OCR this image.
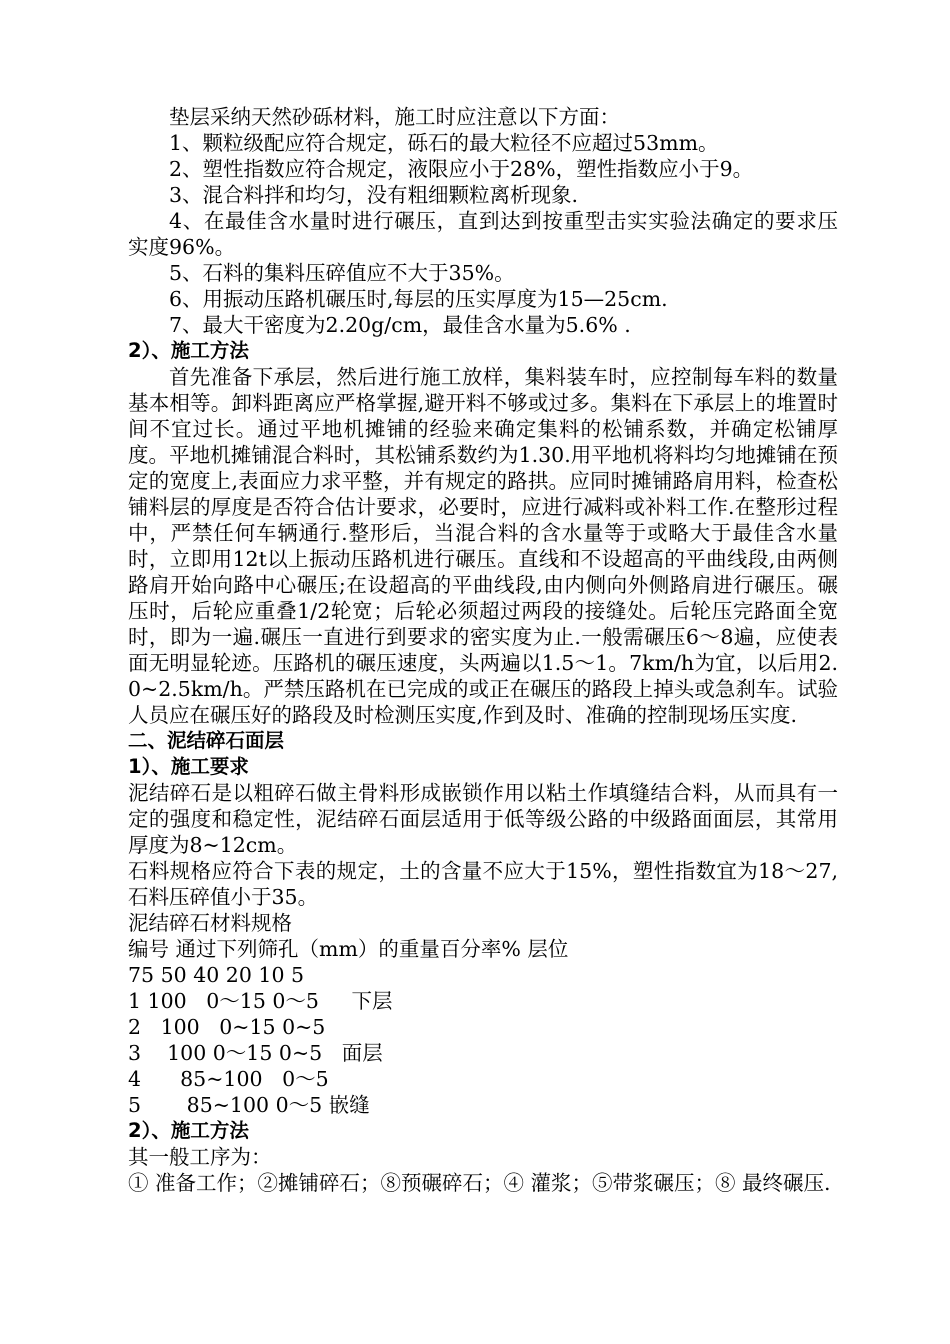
垫层采纳天然砂砾材料，施工时应注意以下方面：

1、颗粒级配应符合规定，砾石的最大粒径不应超过53mm。

2、塑性指数应符合规定，液限应小于28%，塑性指数应小于9。

3、混合料拌和均匀，没有粗细颗粒离析现象.

4、在最佳含水量时进行碾压，直到达到按重型击实实验法确定的要求压实度96%。

5、石料的集料压碎值应不大于35%。

6、用振动压路机碾压时,每层的压实厚度为15—25cm.

7、最大干密度为2.20g/cm，最佳含水量为5.6% .

2）、施工方法

首先准备下承层，然后进行施工放样，集料装车时，应控制每车料的数量基本相等。卸料距离应严格掌握,避开料不够或过多。集料在下承层上的堆置时间不宜过长。通过平地机摊铺的经验来确定集料的松铺系数，并确定松铺厚度。平地机摊铺混合料时，其松铺系数约为1.30.用平地机将料均匀地摊铺在预定的宽度上,表面应力求平整，并有规定的路拱。应同时摊铺路肩用料，检查松铺料层的厚度是否符合估计要求，必要时，应进行减料或补料工作.在整形过程中，严禁任何车辆通行.整形后，当混合料的含水量等于或略大于最佳含水量时，立即用12t以上振动压路机进行碾压。直线和不设超高的平曲线段,由两侧路肩开始向路中心碾压;在设超高的平曲线段,由内侧向外侧路肩进行碾压。碾压时，后轮应重叠1/2轮宽；后轮必须超过两段的接缝处。后轮压完路面全宽时，即为一遍.碾压一直进行到要求的密实度为止.一般需碾压6～8遍，应使表面无明显轮迹。压路机的碾压速度，头两遍以1.5～1。7km/h为宜，以后用2.0~2.5km/h。严禁压路机在已完成的或正在碾压的路段上掉头或急刹车。试验人员应在碾压好的路段及时检测压实度,作到及时、准确的控制现场压实度.

二、泥结碎石面层

1）、施工要求

泥结碎石是以粗碎石做主骨料形成嵌锁作用以粘土作填缝结合料，从而具有一定的强度和稳定性，泥结碎石面层适用于低等级公路的中级路面面层，其常用厚度为8~12cm。

石料规格应符合下表的规定，土的含量不应大于15%，塑性指数宜为18～27,石料压碎值小于35。

泥结碎石材料规格

编号 通过下列筛孔（mm）的重量百分率% 层位

75 50 40 20 10 5

1 100   0～15 0～5     下层

2   100   0~15 0~5

3    100 0～15 0~5   面层

4      85~100   0～5

5       85~100 0～5 嵌缝

2）、施工方法

其一般工序为：

① 准备工作；②摊铺碎石；⑧预碾碎石；④ 灌浆；⑤带浆碾压；⑧ 最终碾压.
